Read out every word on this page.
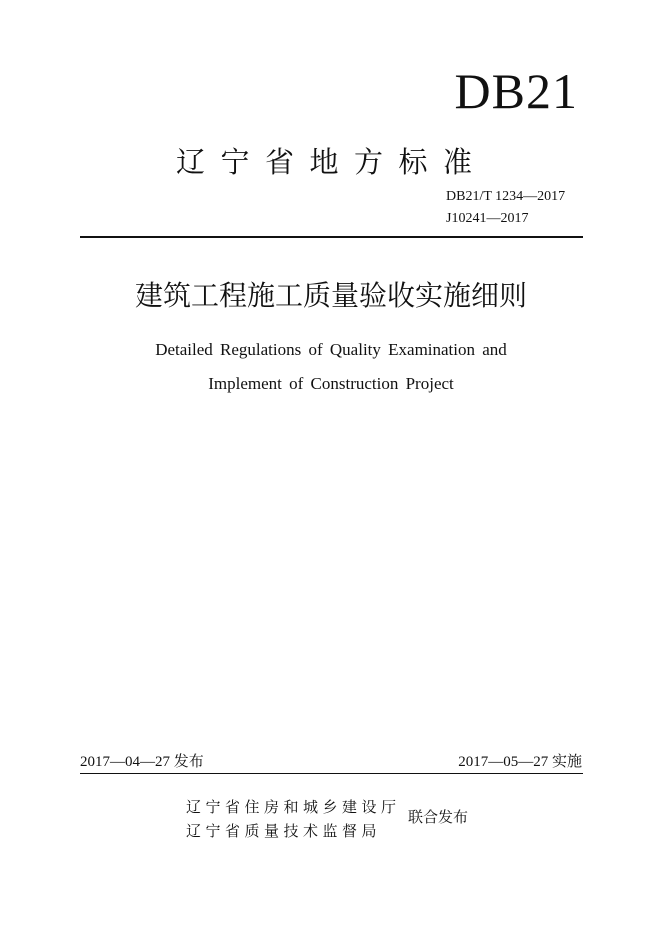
DB21
辽宁省地方标准
DB21/T 1234—2017
J10241—2017
建筑工程施工质量验收实施细则
Detailed Regulations of Quality Examination and
Implement of Construction Project
2017—04—27 发布	2017—05—27 实施
辽宁省住房和城乡建设厅
辽宁省质量技术监督局
联合发布
